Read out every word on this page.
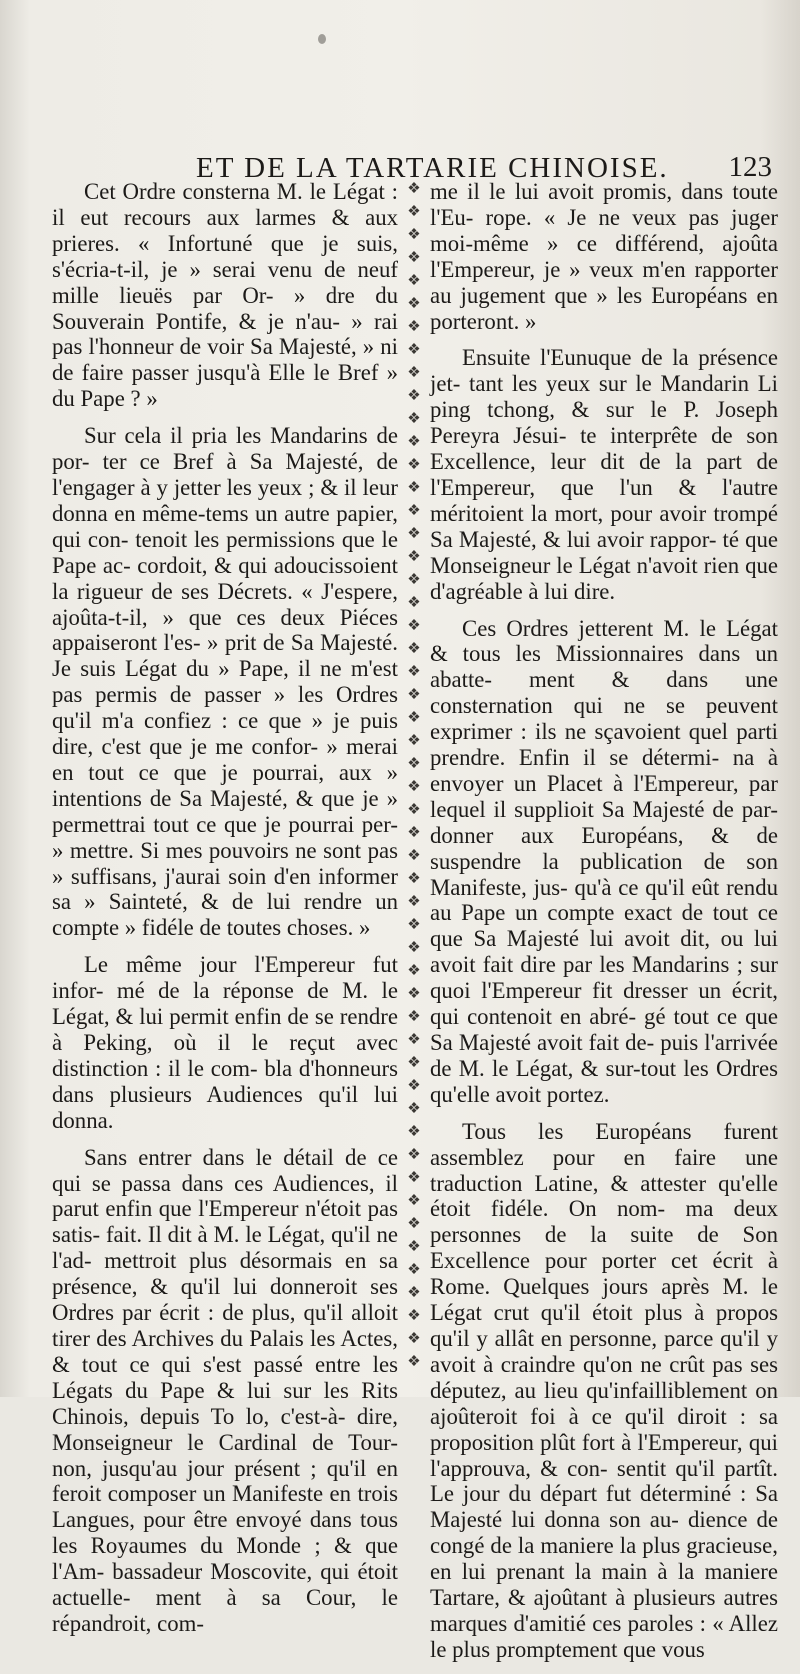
ET DE LA TARTARIE CHINOISE. 123

Cet Ordre consterna M. le Légat : il eut recours aux larmes & aux prieres. « Infortuné que je suis, s'écria-t-il, je » serai venu de neuf mille lieuës par Or- » dre du Souverain Pontife, & je n'au- » rai pas l'honneur de voir Sa Majesté, » ni de faire passer jusqu'à Elle le Bref » du Pape ? »

Sur cela il pria les Mandarins de por- ter ce Bref à Sa Majesté, de l'engager à y jetter les yeux ; & il leur donna en même-tems un autre papier, qui con- tenoit les permissions que le Pape ac- cordoit, & qui adoucissoient la rigueur de ses Décrets. « J'espere, ajoûta-t-il, » que ces deux Piéces appaiseront l'es- » prit de Sa Majesté. Je suis Légat du » Pape, il ne m'est pas permis de passer » les Ordres qu'il m'a confiez : ce que » je puis dire, c'est que je me confor- » merai en tout ce que je pourrai, aux » intentions de Sa Majesté, & que je » permettrai tout ce que je pourrai per- » mettre. Si mes pouvoirs ne sont pas » suffisans, j'aurai soin d'en informer sa » Sainteté, & de lui rendre un compte » fidéle de toutes choses. »

Le même jour l'Empereur fut infor- mé de la réponse de M. le Légat, & lui permit enfin de se rendre à Peking, où il le reçut avec distinction : il le com- bla d'honneurs dans plusieurs Audiences qu'il lui donna.

Sans entrer dans le détail de ce qui se passa dans ces Audiences, il parut enfin que l'Empereur n'étoit pas satis- fait. Il dit à M. le Légat, qu'il ne l'ad- mettroit plus désormais en sa présence, & qu'il lui donneroit ses Ordres par écrit : de plus, qu'il alloit tirer des Archives du Palais les Actes, & tout ce qui s'est passé entre les Légats du Pape & lui sur les Rits Chinois, depuis To lo, c'est-à- dire, Monseigneur le Cardinal de Tour- non, jusqu'au jour présent ; qu'il en feroit composer un Manifeste en trois Langues, pour être envoyé dans tous les Royaumes du Monde ; & que l'Am- bassadeur Moscovite, qui étoit actuelle- ment à sa Cour, le répandroit, com-

❖
❖
❖
❖
❖
❖
❖
❖
❖
❖
❖
❖
❖
❖
❖
❖
❖
❖
❖
❖
❖
❖
❖
❖
❖
❖
❖
❖
❖
❖
❖
❖
❖
❖
❖
❖
❖
❖
❖
❖
❖
❖
❖
❖
❖
❖
❖
❖
❖
❖
❖
❖

me il le lui avoit promis, dans toute l'Eu- rope. « Je ne veux pas juger moi-même » ce différend, ajoûta l'Empereur, je » veux m'en rapporter au jugement que » les Européans en porteront. »

Ensuite l'Eunuque de la présence jet- tant les yeux sur le Mandarin Li ping tchong, & sur le P. Joseph Pereyra Jésui- te interprête de son Excellence, leur dit de la part de l'Empereur, que l'un & l'autre méritoient la mort, pour avoir trompé Sa Majesté, & lui avoir rappor- té que Monseigneur le Légat n'avoit rien que d'agréable à lui dire.

Ces Ordres jetterent M. le Légat & tous les Missionnaires dans un abatte- ment & dans une consternation qui ne se peuvent exprimer : ils ne sçavoient quel parti prendre. Enfin il se détermi- na à envoyer un Placet à l'Empereur, par lequel il supplioit Sa Majesté de par- donner aux Européans, & de suspendre la publication de son Manifeste, jus- qu'à ce qu'il eût rendu au Pape un compte exact de tout ce que Sa Majesté lui avoit dit, ou lui avoit fait dire par les Mandarins ; sur quoi l'Empereur fit dresser un écrit, qui contenoit en abré- gé tout ce que Sa Majesté avoit fait de- puis l'arrivée de M. le Légat, & sur-tout les Ordres qu'elle avoit portez.

Tous les Européans furent assemblez pour en faire une traduction Latine, & attester qu'elle étoit fidéle. On nom- ma deux personnes de la suite de Son Excellence pour porter cet écrit à Rome. Quelques jours après M. le Légat crut qu'il étoit plus à propos qu'il y allât en personne, parce qu'il y avoit à craindre qu'on ne crût pas ses députez, au lieu qu'infailliblement on ajoûteroit foi à ce qu'il diroit : sa proposition plût fort à l'Empereur, qui l'approuva, & con- sentit qu'il partît. Le jour du départ fut déterminé : Sa Majesté lui donna son au- dience de congé de la maniere la plus gracieuse, en lui prenant la main à la maniere Tartare, & ajoûtant à plusieurs autres marques d'amitié ces paroles : « Allez le plus promptement que vous
